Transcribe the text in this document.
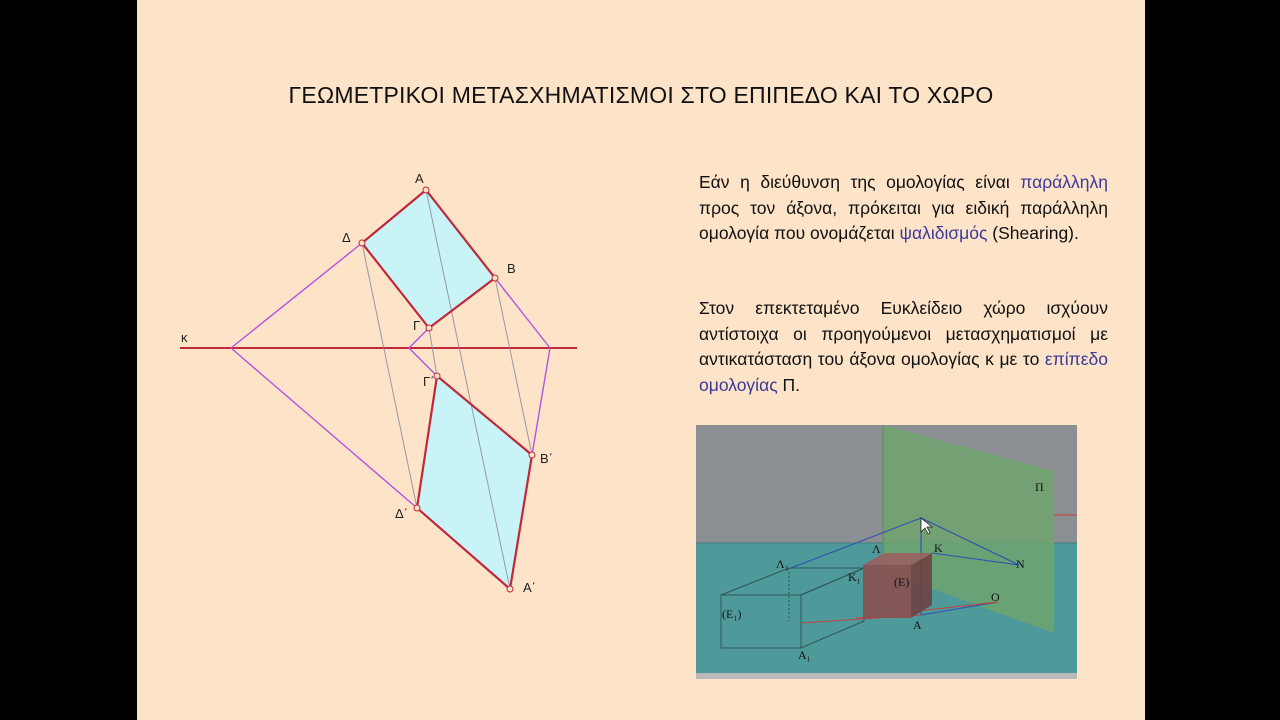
ΓΕΩΜΕΤΡΙΚΟΙ ΜΕΤΑΣΧΗΜΑΤΙΣΜΟΙ ΣΤΟ ΕΠΙΠΕΔΟ ΚΑΙ ΤΟ ΧΩΡΟ
κ
Α
Β
Γ
Δ
Γ΄
Β΄
Δ΄
Α΄
Εάν η διεύθυνση της ομολογίας είναι παράλληλη προς τον άξονα, πρόκειται για ειδική παράλληλη ομολογία που ονομάζεται ψαλιδισμός (Shearing).
Στον επεκτεταμένο Ευκλείδειο χώρο ισχύουν αντίστοιχα οι προηγούμενοι μετασχηματισμοί με αντικατάσταση του άξονα ομολογίας κ με το επίπεδο ομολογίας Π.
Π
(Ε₁)
(Ε)
Λ	Κ
Ν
Λ₁
Κ₁
Ο
Α
Α₁
